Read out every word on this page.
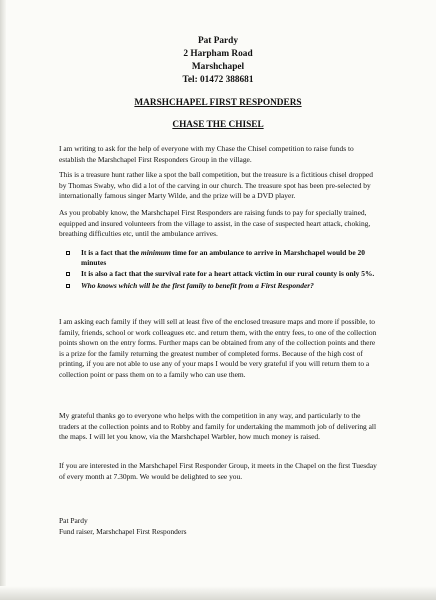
Pat Pardy
2 Harpham Road
Marshchapel
Tel: 01472 388681
MARSHCHAPEL FIRST RESPONDERS
CHASE THE CHISEL

I am writing to ask for the help of everyone with my Chase the Chisel competition to raise funds to establish the Marshchapel First Responders Group in the village.

This is a treasure hunt rather like a spot the ball competition, but the treasure is a fictitious chisel dropped by Thomas Swaby, who did a lot of the carving in our church. The treasure spot has been pre-selected by internationally famous singer Marty Wilde, and the prize will be a DVD player.

As you probably know, the Marshchapel First Responders are raising funds to pay for specially trained, equipped and insured volunteers from the village to assist, in the case of suspected heart attack, choking, breathing difficulties etc, until the ambulance arrives.

It is a fact that the minimum time for an ambulance to arrive in Marshchapel would be 20 minutes
It is also a fact that the survival rate for a heart attack victim in our rural county is only 5%.
Who knows which will be the first family to benefit from a First Responder?

I am asking each family if they will sell at least five of the enclosed treasure maps and more if possible, to family, friends, school or work colleagues etc. and return them, with the entry fees, to one of the collection points shown on the entry forms. Further maps can be obtained from any of the collection points and there is a prize for the family returning the greatest number of completed forms. Because of the high cost of printing, if you are not able to use any of your maps I would be very grateful if you will return them to a collection point or pass them on to a family who can use them.

My grateful thanks go to everyone who helps with the competition in any way, and particularly to the traders at the collection points and to Robby and family for undertaking the mammoth job of delivering all the maps. I will let you know, via the Marshchapel Warbler, how much money is raised.

If you are interested in the Marshchapel First Responder Group, it meets in the Chapel on the first Tuesday of every month at 7.30pm. We would be delighted to see you.

Pat Pardy
Fund raiser, Marshchapel First Responders
